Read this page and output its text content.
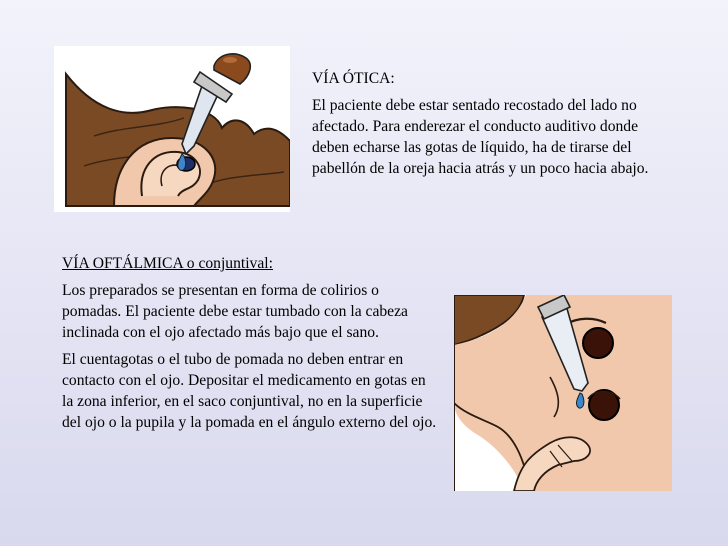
VÍA ÓTICA:

El paciente debe estar sentado recostado del lado no afectado. Para enderezar el conducto auditivo donde deben echarse las gotas de líquido, ha de tirarse del pabellón de la oreja hacia atrás y un poco hacia abajo.

VÍA OFTÁLMICA o conjuntival:

Los preparados se presentan en forma de colirios o pomadas. El paciente debe estar tumbado con la cabeza inclinada con el ojo afectado más bajo que el sano.

El cuentagotas o el tubo de pomada no deben entrar en contacto con el ojo. Depositar el medicamento en gotas en la zona inferior, en el saco conjuntival, no en la superficie del ojo o la pupila y la pomada en el ángulo externo del ojo.
